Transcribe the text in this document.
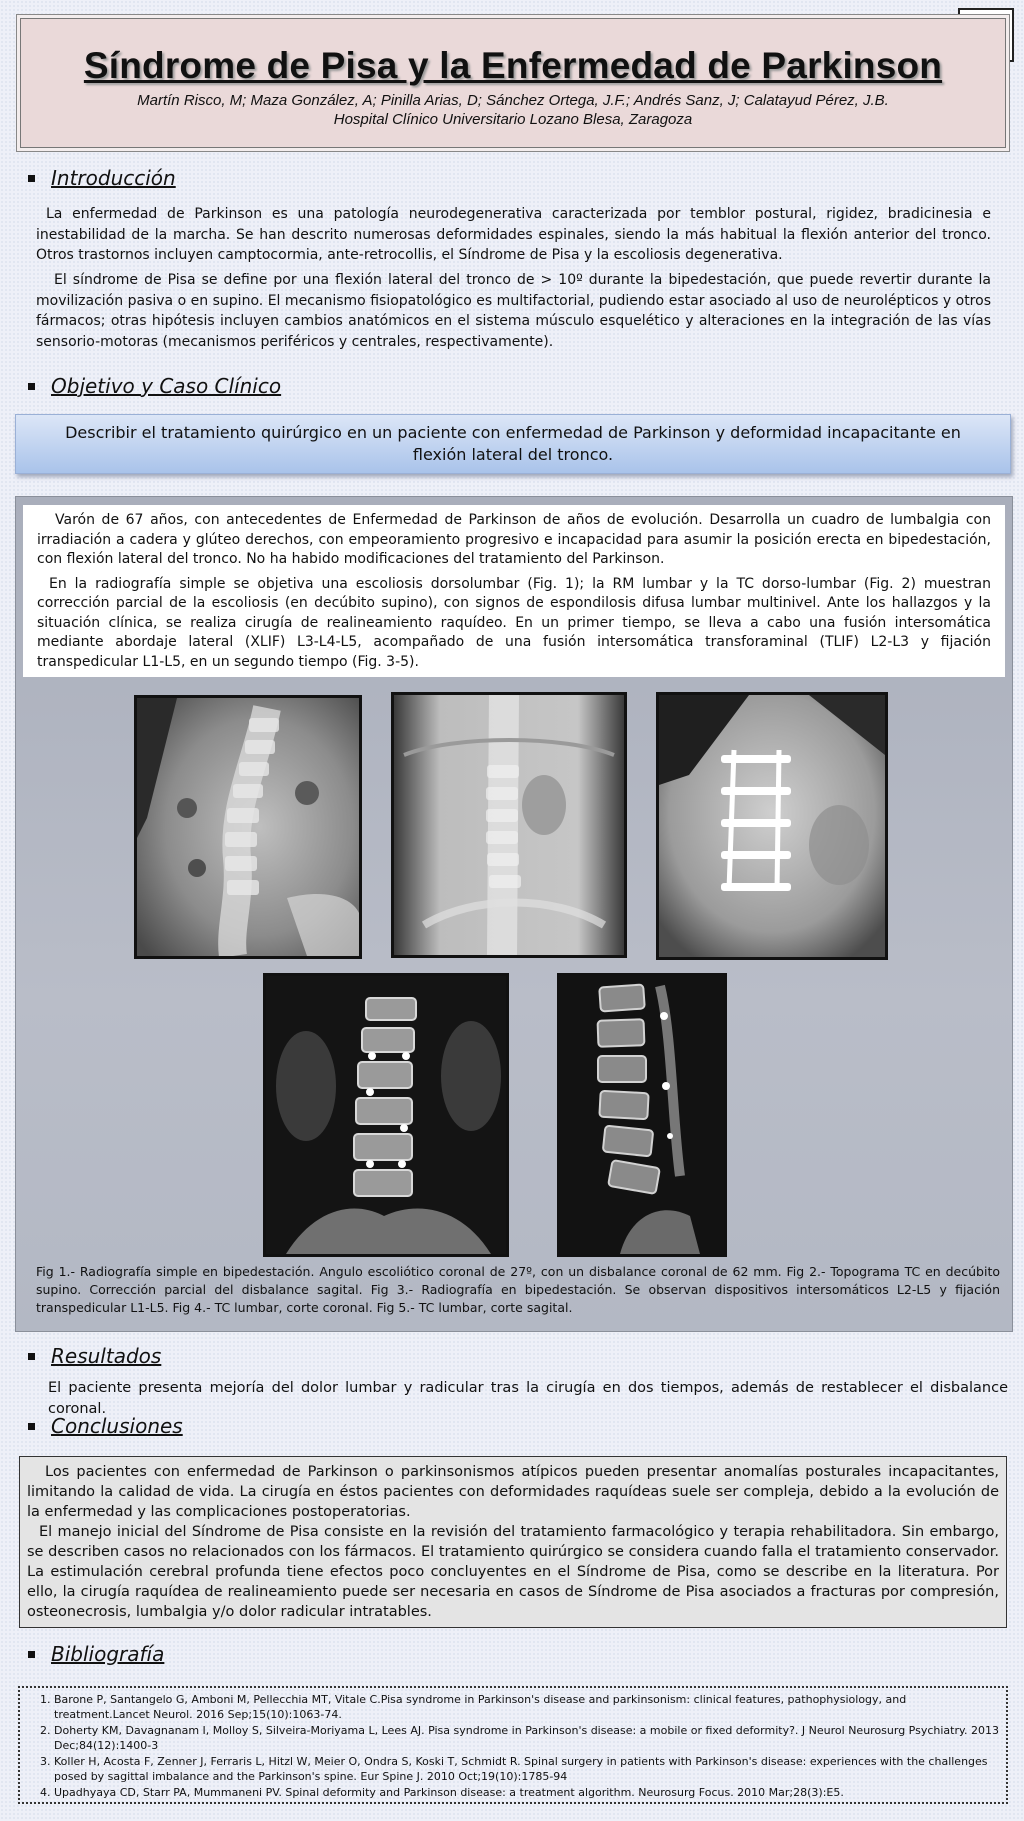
Síndrome de Pisa y la Enfermedad de Parkinson

Martín Risco, M; Maza González, A; Pinilla Arias, D; Sánchez Ortega, J.F.; Andrés Sanz, J; Calatayud Pérez, J.B.

Hospital Clínico Universitario Lozano Blesa, Zaragoza

Introducción

La enfermedad de Parkinson es una patología neurodegenerativa caracterizada por temblor postural, rigidez, bradicinesia e inestabilidad de la marcha. Se han descrito numerosas deformidades espinales, siendo la más habitual la flexión anterior del tronco. Otros trastornos incluyen camptocormia, ante-retrocollis, el Síndrome de Pisa y la escoliosis degenerativa.

El síndrome de Pisa se define por una flexión lateral del tronco de > 10º durante la bipedestación, que puede revertir durante la movilización pasiva o en supino. El mecanismo fisiopatológico es multifactorial, pudiendo estar asociado al uso de neurolépticos y otros fármacos; otras hipótesis incluyen cambios anatómicos en el sistema músculo esquelético y alteraciones en la integración de las vías sensorio-motoras (mecanismos periféricos y centrales, respectivamente).

Objetivo y Caso Clínico
Describir el tratamiento quirúrgico en un paciente con enfermedad de Parkinson y deformidad incapacitante en flexión lateral del tronco.

Varón de 67 años, con antecedentes de Enfermedad de Parkinson de años de evolución. Desarrolla un cuadro de lumbalgia con irradiación a cadera y glúteo derechos, con empeoramiento progresivo e incapacidad para asumir la posición erecta en bipedestación, con flexión lateral del tronco. No ha habido modificaciones del tratamiento del Parkinson.

En la radiografía simple se objetiva una escoliosis dorsolumbar (Fig. 1); la RM lumbar y la TC dorso-lumbar (Fig. 2) muestran corrección parcial de la escoliosis (en decúbito supino), con signos de espondilosis difusa lumbar multinivel. Ante los hallazgos y la situación clínica, se realiza cirugía de realineamiento raquídeo. En un primer tiempo, se lleva a cabo una fusión intersomática mediante abordaje lateral (XLIF) L3-L4-L5, acompañado de una fusión intersomática transforaminal (TLIF) L2-L3 y fijación transpedicular L1-L5, en un segundo tiempo (Fig. 3-5).

Fig 1.- Radiografía simple en bipedestación. Angulo escoliótico coronal de 27º, con un disbalance coronal de 62 mm. Fig 2.- Topograma TC en decúbito supino. Corrección parcial del disbalance sagital. Fig 3.- Radiografía en bipedestación. Se observan dispositivos intersomáticos L2-L5 y fijación transpedicular L1-L5. Fig 4.- TC lumbar, corte coronal. Fig 5.- TC lumbar, corte sagital.

Resultados

El paciente presenta mejoría del dolor lumbar y radicular tras la cirugía en dos tiempos, además de restablecer el disbalance coronal.

Conclusiones

Los pacientes con enfermedad de Parkinson o parkinsonismos atípicos pueden presentar anomalías posturales incapacitantes, limitando la calidad de vida. La cirugía en éstos pacientes con deformidades raquídeas suele ser compleja, debido a la evolución de la enfermedad y las complicaciones postoperatorias.

El manejo inicial del Síndrome de Pisa consiste en la revisión del tratamiento farmacológico y terapia rehabilitadora. Sin embargo, se describen casos no relacionados con los fármacos. El tratamiento quirúrgico se considera cuando falla el tratamiento conservador. La estimulación cerebral profunda tiene efectos poco concluyentes en el Síndrome de Pisa, como se describe en la literatura. Por ello, la cirugía raquídea de realineamiento puede ser necesaria en casos de Síndrome de Pisa asociados a fracturas por compresión, osteonecrosis, lumbalgia y/o dolor radicular intratables.

Bibliografía
1. Barone P, Santangelo G, Amboni M, Pellecchia MT, Vitale C.Pisa syndrome in Parkinson's disease and parkinsonism: clinical features, pathophysiology, and treatment.Lancet Neurol. 2016 Sep;15(10):1063-74.
2. Doherty KM, Davagnanam I, Molloy S, Silveira-Moriyama L, Lees AJ. Pisa syndrome in Parkinson's disease: a mobile or fixed deformity?. J Neurol Neurosurg Psychiatry. 2013 Dec;84(12):1400-3
3. Koller H, Acosta F, Zenner J, Ferraris L, Hitzl W, Meier O, Ondra S, Koski T, Schmidt R. Spinal surgery in patients with Parkinson's disease: experiences with the challenges posed by sagittal imbalance and the Parkinson's spine. Eur Spine J. 2010 Oct;19(10):1785-94
4. Upadhyaya CD, Starr PA, Mummaneni PV. Spinal deformity and Parkinson disease: a treatment algorithm. Neurosurg Focus. 2010 Mar;28(3):E5.
